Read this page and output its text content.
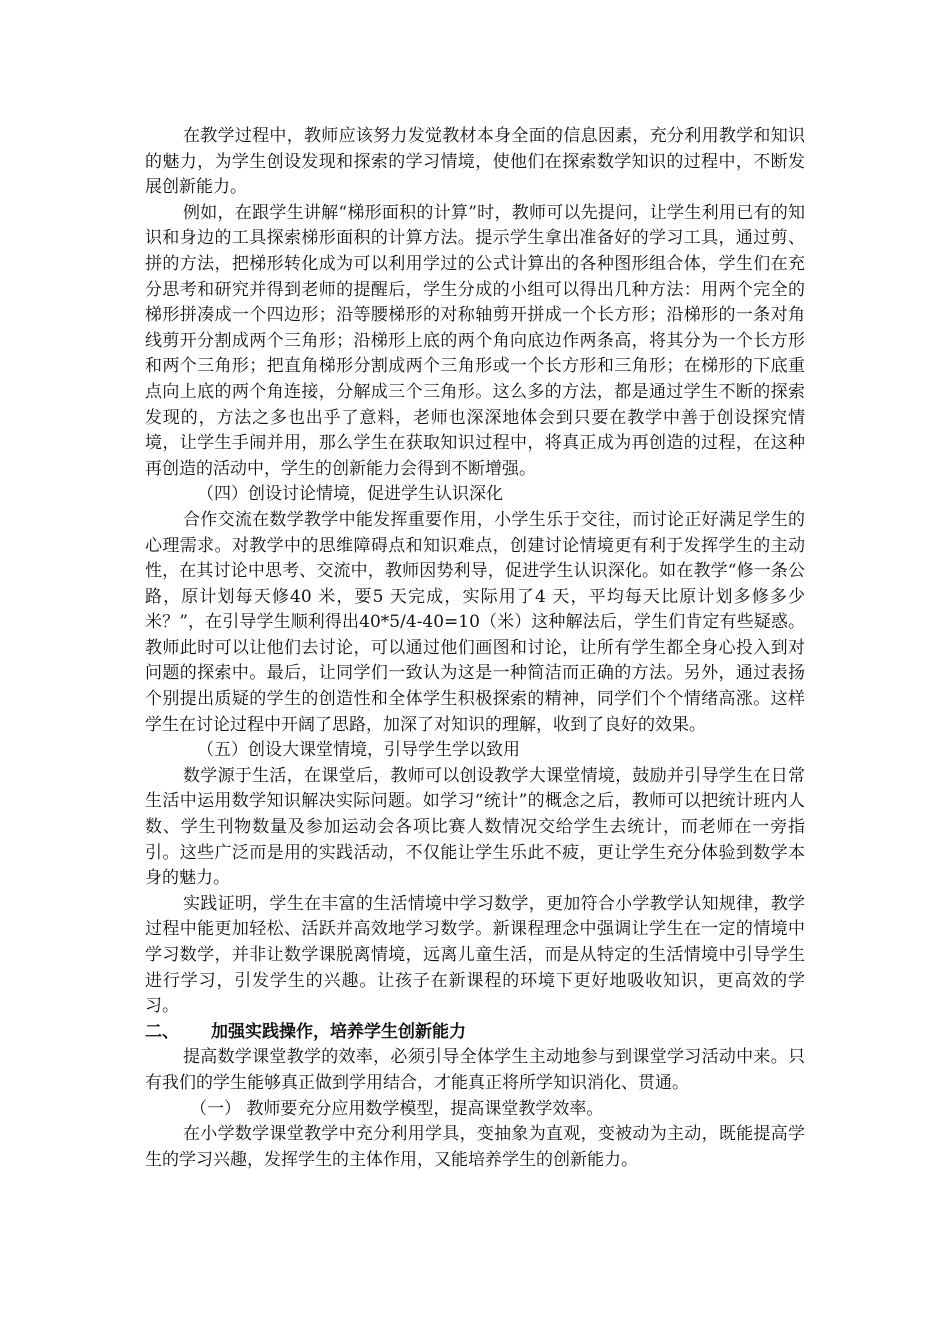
在教学过程中，教师应该努力发觉教材本身全面的信息因素，充分利用教学和知识的魅力，为学生创设发现和探索的学习情境，使他们在探索数学知识的过程中，不断发展创新能力。

例如，在跟学生讲解“梯形面积的计算”时，教师可以先提问，让学生利用已有的知识和身边的工具探索梯形面积的计算方法。提示学生拿出准备好的学习工具，通过剪、拼的方法，把梯形转化成为可以利用学过的公式计算出的各种图形组合体，学生们在充分思考和研究并得到老师的提醒后，学生分成的小组可以得出几种方法：用两个完全的梯形拼凑成一个四边形；沿等腰梯形的对称轴剪开拼成一个长方形；沿梯形的一条对角线剪开分割成两个三角形；沿梯形上底的两个角向底边作两条高，将其分为一个长方形和两个三角形；把直角梯形分割成两个三角形或一个长方形和三角形；在梯形的下底重点向上底的两个角连接，分解成三个三角形。这么多的方法，都是通过学生不断的探索发现的，方法之多也出乎了意料，老师也深深地体会到只要在教学中善于创设探究情境，让学生手闹并用，那么学生在获取知识过程中，将真正成为再创造的过程，在这种再创造的活动中，学生的创新能力会得到不断增强。

（四）创设讨论情境，促进学生认识深化

合作交流在数学教学中能发挥重要作用，小学生乐于交往，而讨论正好满足学生的心理需求。对教学中的思维障碍点和知识难点，创建讨论情境更有利于发挥学生的主动性，在其讨论中思考、交流中，教师因势利导，促进学生认识深化。如在教学“修一条公路，原计划每天修40 米，要5 天完成，实际用了4 天，平均每天比原计划多修多少米？”，在引导学生顺利得出40*5/4-40=10（米）这种解法后，学生们肯定有些疑惑。教师此时可以让他们去讨论，可以通过他们画图和讨论，让所有学生都全身心投入到对问题的探索中。最后，让同学们一致认为这是一种简洁而正确的方法。另外，通过表扬个别提出质疑的学生的创造性和全体学生积极探索的精神，同学们个个情绪高涨。这样学生在讨论过程中开阔了思路，加深了对知识的理解，收到了良好的效果。

（五）创设大课堂情境，引导学生学以致用

数学源于生活，在课堂后，教师可以创设教学大课堂情境，鼓励并引导学生在日常生活中运用数学知识解决实际问题。如学习“统计”的概念之后，教师可以把统计班内人数、学生刊物数量及参加运动会各项比赛人数情况交给学生去统计，而老师在一旁指引。这些广泛而是用的实践活动，不仅能让学生乐此不疲，更让学生充分体验到数学本身的魅力。

实践证明，学生在丰富的生活情境中学习数学，更加符合小学教学认知规律，教学过程中能更加轻松、活跃并高效地学习数学。新课程理念中强调让学生在一定的情境中学习数学，并非让数学课脱离情境，远离儿童生活，而是从特定的生活情境中引导学生进行学习，引发学生的兴趣。让孩子在新课程的环境下更好地吸收知识，更高效的学习。

二、	加强实践操作，培养学生创新能力

提高数学课堂教学的效率，必须引导全体学生主动地参与到课堂学习活动中来。只有我们的学生能够真正做到学用结合，才能真正将所学知识消化、贯通。

（一） 教师要充分应用数学模型，提高课堂教学效率。

在小学数学课堂教学中充分利用学具，变抽象为直观，变被动为主动，既能提高学生的学习兴趣，发挥学生的主体作用，又能培养学生的创新能力。
